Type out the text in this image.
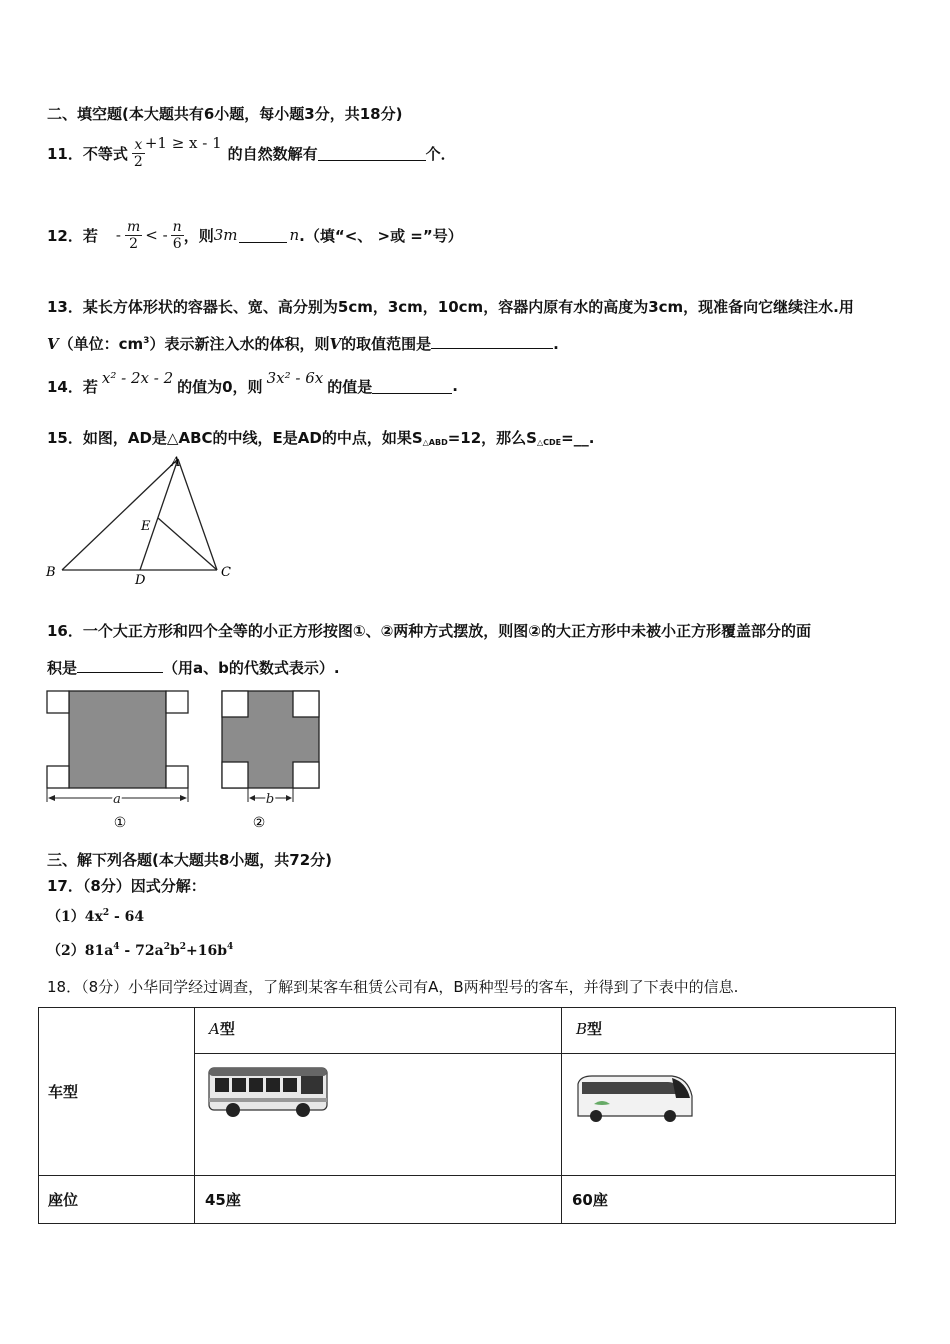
二、填空题(本大题共有6小题，每小题3分，共18分)
11． 不等式 $\frac{x}{2} +1 \ge x - 1$
的自然数解有	个．
12． 若 - $\frac{m}{2}$ < - $\frac{n}{6}$ ，则 3m	n .（填“<、 >或 =”号）
13．某长方体形状的容器长、宽、高分别为5cm，3cm，10cm，容器内原有水的高度为3cm，现准备向它继续注水.用
V（单位：$cm^3$）表示新注入水的体积，则V的取值范围是	.
14． 若 x² - 2x - 2 的值为0，则 3x² - 6x 的值是	.
15．如图，AD是△ABC的中线，E是AD的中点，如果$S_{\triangle ABD}=12$，那么$S_{\triangle CDE}=\_\_$.
A
B	C
D
E
16．一个大正方形和四个全等的小正方形按图①、②两种方式摆放，则图②的大正方形中未被小正方形覆盖部分的面
积是	（用a、b的代数式表示）.
a
①
b
②
三、解下列各题(本大题共8小题，共72分)
17．（8分）因式分解：
$(1)4x^2 - 64$
$(2)81a^4 - 72a^2b^2+16b^4$
18．（8分）小华同学经过调查，了解到某客车租赁公司有A，B两种型号的客车，并得到了下表中的信息.
车型	A型	B型

座位	45座	60座
